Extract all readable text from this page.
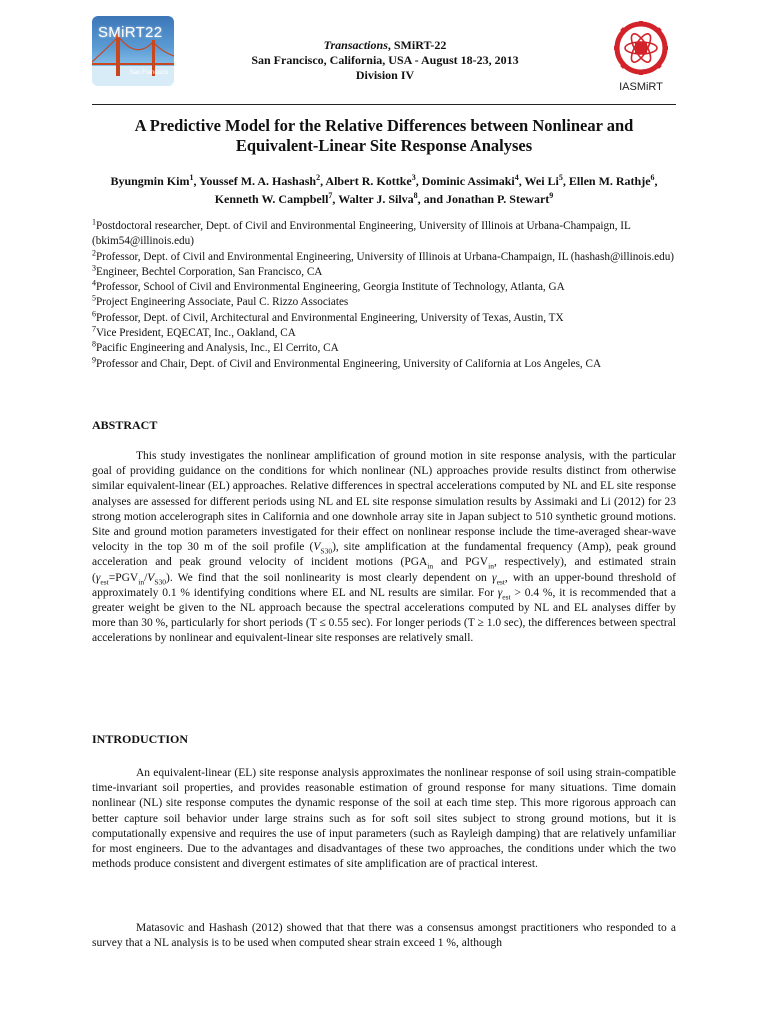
SMiRT22
San Francisco
Transactions, SMiRT-22
San Francisco, California, USA - August 18-23, 2013
Division IV
IASMiRT
A Predictive Model for the Relative Differences between Nonlinear and
Equivalent-Linear Site Response Analyses
Byungmin Kim$^1$, Youssef M. A. Hashash$^2$, Albert R. Kottke$^3$, Dominic Assimaki$^4$, Wei Li$^5$, Ellen M. Rathje$^6$, Kenneth W. Campbell$^7$, Walter J. Silva$^8$, and Jonathan P. Stewart$^9$
$^1$Postdoctoral researcher, Dept. of Civil and Environmental Engineering, University of Illinois at Urbana-Champaign, IL (bkim54@illinois.edu)
$^2$Professor, Dept. of Civil and Environmental Engineering, University of Illinois at Urbana-Champaign, IL (hashash@illinois.edu)
$^3$Engineer, Bechtel Corporation, San Francisco, CA
$^4$Professor, School of Civil and Environmental Engineering, Georgia Institute of Technology, Atlanta, GA
$^5$Project Engineering Associate, Paul C. Rizzo Associates
$^6$Professor, Dept. of Civil, Architectural and Environmental Engineering, University of Texas, Austin, TX
$^7$Vice President, EQECAT, Inc., Oakland, CA
$^8$Pacific Engineering and Analysis, Inc., El Cerrito, CA
$^9$Professor and Chair, Dept. of Civil and Environmental Engineering, University of California at Los Angeles, CA
ABSTRACT
This study investigates the nonlinear amplification of ground motion in site response analysis, with the particular goal of providing guidance on the conditions for which nonlinear (NL) approaches provide results distinct from otherwise similar equivalent-linear (EL) approaches. Relative differences in spectral accelerations computed by NL and EL site response analyses are assessed for different periods using NL and EL site response simulation results by Assimaki and Li (2012) for 23 strong motion accelerograph sites in California and one downhole array site in Japan subject to 510 synthetic ground motions. Site and ground motion parameters investigated for their effect on nonlinear response include the time-averaged shear-wave velocity in the top 30 m of the soil profile $(V_{S30})$, site amplification at the fundamental frequency (Amp), peak ground acceleration and peak ground velocity of incident motions ($PGA_{in}$ and $PGV_{in}$, respectively), and estimated strain $(\gamma_{est}=PGV_{in}/V_{S30})$. We find that the soil nonlinearity is most clearly dependent on $\gamma_{est}$, with an upper-bound threshold of approximately 0.1 % identifying conditions where EL and NL results are similar. For $\gamma_{est} > 0.4$ %, it is recommended that a greater weight be given to the NL approach because the spectral accelerations computed by NL and EL analyses differ by more than 30 %, particularly for short periods (T ≤ 0.55 sec). For longer periods (T ≥ 1.0 sec), the differences between spectral accelerations by nonlinear and equivalent-linear site responses are relatively small.
INTRODUCTION
An equivalent-linear (EL) site response analysis approximates the nonlinear response of soil using strain-compatible time-invariant soil properties, and provides reasonable estimation of ground response for many situations. Time domain nonlinear (NL) site response computes the dynamic response of the soil at each time step. This more rigorous approach can better capture soil behavior under large strains such as for soft soil sites subject to strong ground motions, but it is computationally expensive and requires the use of input parameters (such as Rayleigh damping) that are relatively unfamiliar for most engineers. Due to the advantages and disadvantages of these two approaches, the conditions under which the two methods produce consistent and divergent estimates of site amplification are of practical interest.
Matasovic and Hashash (2012) showed that that there was a consensus amongst practitioners who responded to a survey that a NL analysis is to be used when computed shear strain exceed 1 %, although
